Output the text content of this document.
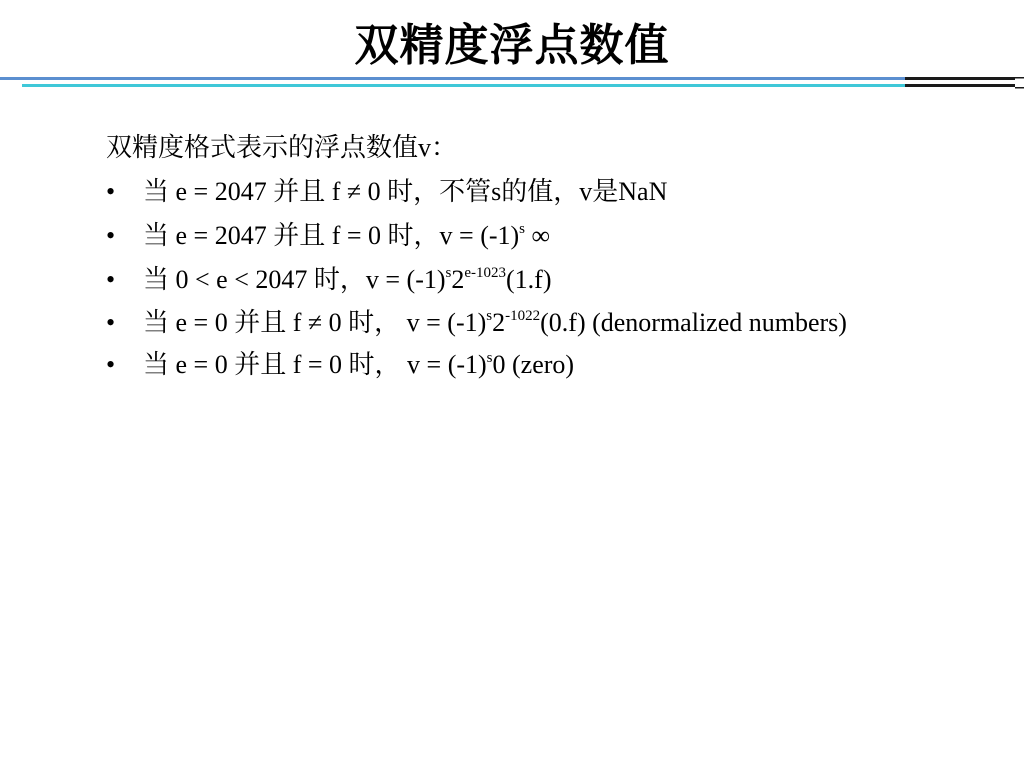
双精度浮点数值
双精度格式表示的浮点数值v：
• 当 e = 2047 并且 f ≠ 0 时，不管s的值，v是NaN
• 当 e = 2047 并且 f = 0 时，$v = (-1)^s$ ∞
• 当 0 < e < 2047 时，$v = (-1)^s2^{e-1023}(1.f)$
• 当 e = 0 并且 f ≠ 0 时， $v = (-1)^s2^{-1022}(0.f)$ (denormalized numbers)
• 当 e = 0 并且 f = 0 时， $v = (-1)^s0$ (zero)
